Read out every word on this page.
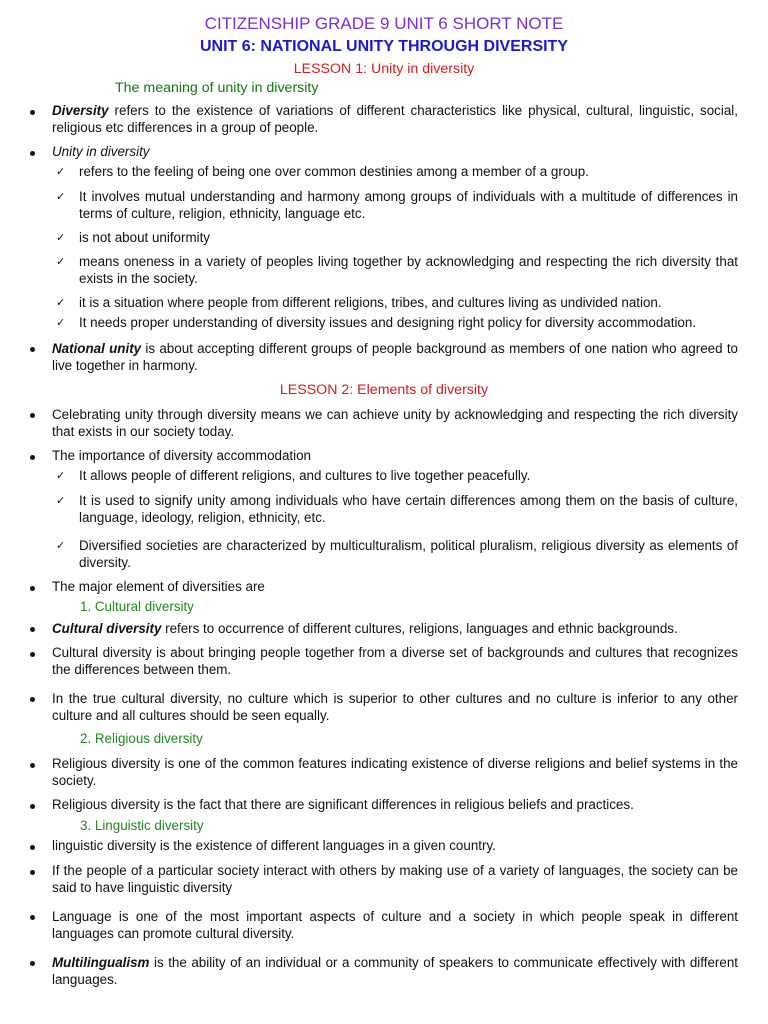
CITIZENSHIP GRADE 9 UNIT 6 SHORT NOTE
UNIT 6: NATIONAL UNITY THROUGH DIVERSITY
LESSON 1: Unity in diversity
The meaning of unity in diversity
Diversity refers to the existence of variations of different characteristics like physical, cultural, linguistic, social, religious etc differences in a group of people.
Unity in diversity
✓ refers to the feeling of being one over common destinies among a member of a group.
✓ It involves mutual understanding and harmony among groups of individuals with a multitude of differences in terms of culture, religion, ethnicity, language etc.
✓ is not about uniformity
✓ means oneness in a variety of peoples living together by acknowledging and respecting the rich diversity that exists in the society.
✓ it is a situation where people from different religions, tribes, and cultures living as undivided nation.
✓ It needs proper understanding of diversity issues and designing right policy for diversity accommodation.
National unity is about accepting different groups of people background as members of one nation who agreed to live together in harmony.
LESSON 2: Elements of diversity
Celebrating unity through diversity means we can achieve unity by acknowledging and respecting the rich diversity that exists in our society today.
The importance of diversity accommodation
✓ It allows people of different religions, and cultures to live together peacefully.
✓ It is used to signify unity among individuals who have certain differences among them on the basis of culture, language, ideology, religion, ethnicity, etc.
✓ Diversified societies are characterized by multiculturalism, political pluralism, religious diversity as elements of diversity.
The major element of diversities are
1. Cultural diversity
Cultural diversity refers to occurrence of different cultures, religions, languages and ethnic backgrounds.
Cultural diversity is about bringing people together from a diverse set of backgrounds and cultures that recognizes the differences between them.
In the true cultural diversity, no culture which is superior to other cultures and no culture is inferior to any other culture and all cultures should be seen equally.
2. Religious diversity
Religious diversity is one of the common features indicating existence of diverse religions and belief systems in the society.
Religious diversity is the fact that there are significant differences in religious beliefs and practices.
3. Linguistic diversity
linguistic diversity is the existence of different languages in a given country.
If the people of a particular society interact with others by making use of a variety of languages, the society can be said to have linguistic diversity
Language is one of the most important aspects of culture and a society in which people speak in different languages can promote cultural diversity.
Multilingualism is the ability of an individual or a community of speakers to communicate effectively with different languages.
